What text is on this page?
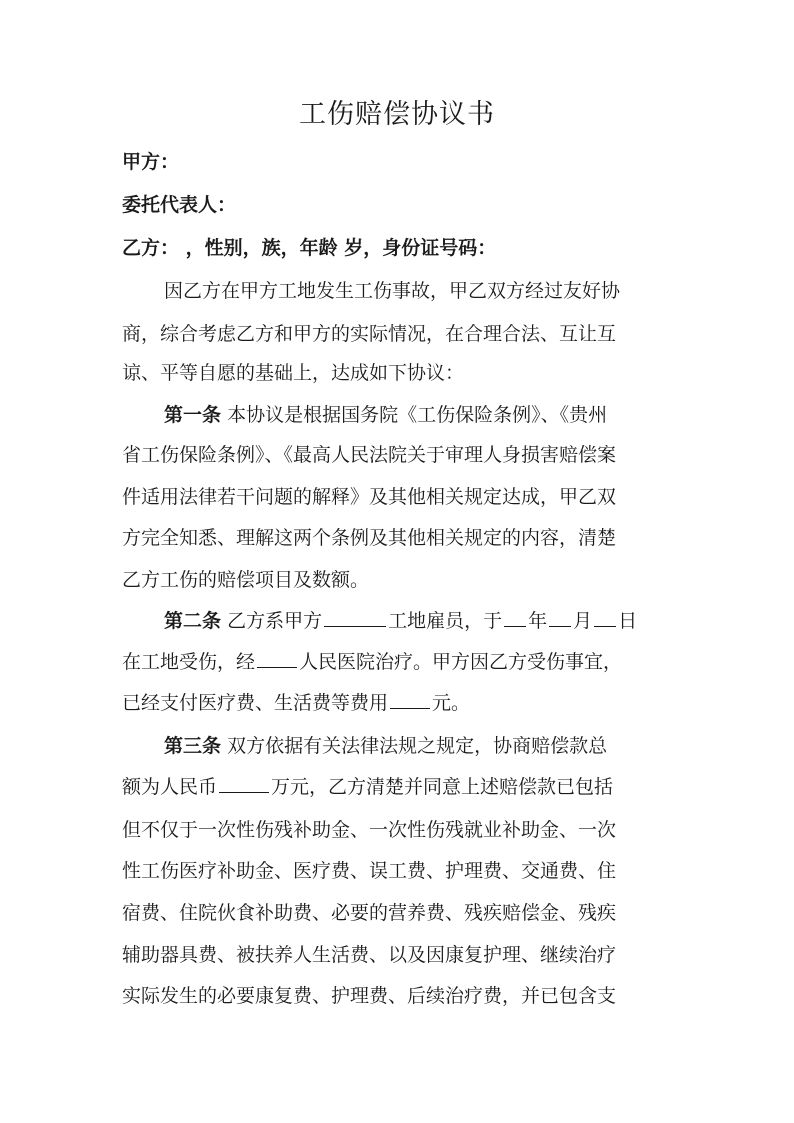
工伤赔偿协议书
甲方：
委托代表人：
乙方： ，性别，族，年龄 岁，身份证号码：
因乙方在甲方工地发生工伤事故，甲乙双方经过友好协
商，综合考虑乙方和甲方的实际情况，在合理合法、互让互
谅、平等自愿的基础上，达成如下协议：
第一条 本协议是根据国务院《工伤保险条例》、《贵州
省工伤保险条例》、《最高人民法院关于审理人身损害赔偿案
件适用法律若干问题的解释》及其他相关规定达成，甲乙双
方完全知悉、理解这两个条例及其他相关规定的内容，清楚
乙方工伤的赔偿项目及数额。
第二条 乙方系甲方	工地雇员，于 年 月 日
在工地受伤，经 人民医院治疗。甲方因乙方受伤事宜，
已经支付医疗费、生活费等费用 元。
第三条 双方依据有关法律法规之规定，协商赔偿款总
额为人民币	万元，乙方清楚并同意上述赔偿款已包括
但不仅于一次性伤残补助金、一次性伤残就业补助金、一次
性工伤医疗补助金、医疗费、误工费、护理费、交通费、住
宿费、住院伙食补助费、必要的营养费、残疾赔偿金、残疾
辅助器具费、被扶养人生活费、以及因康复护理、继续治疗
实际发生的必要康复费、护理费、后续治疗费，并已包含支
